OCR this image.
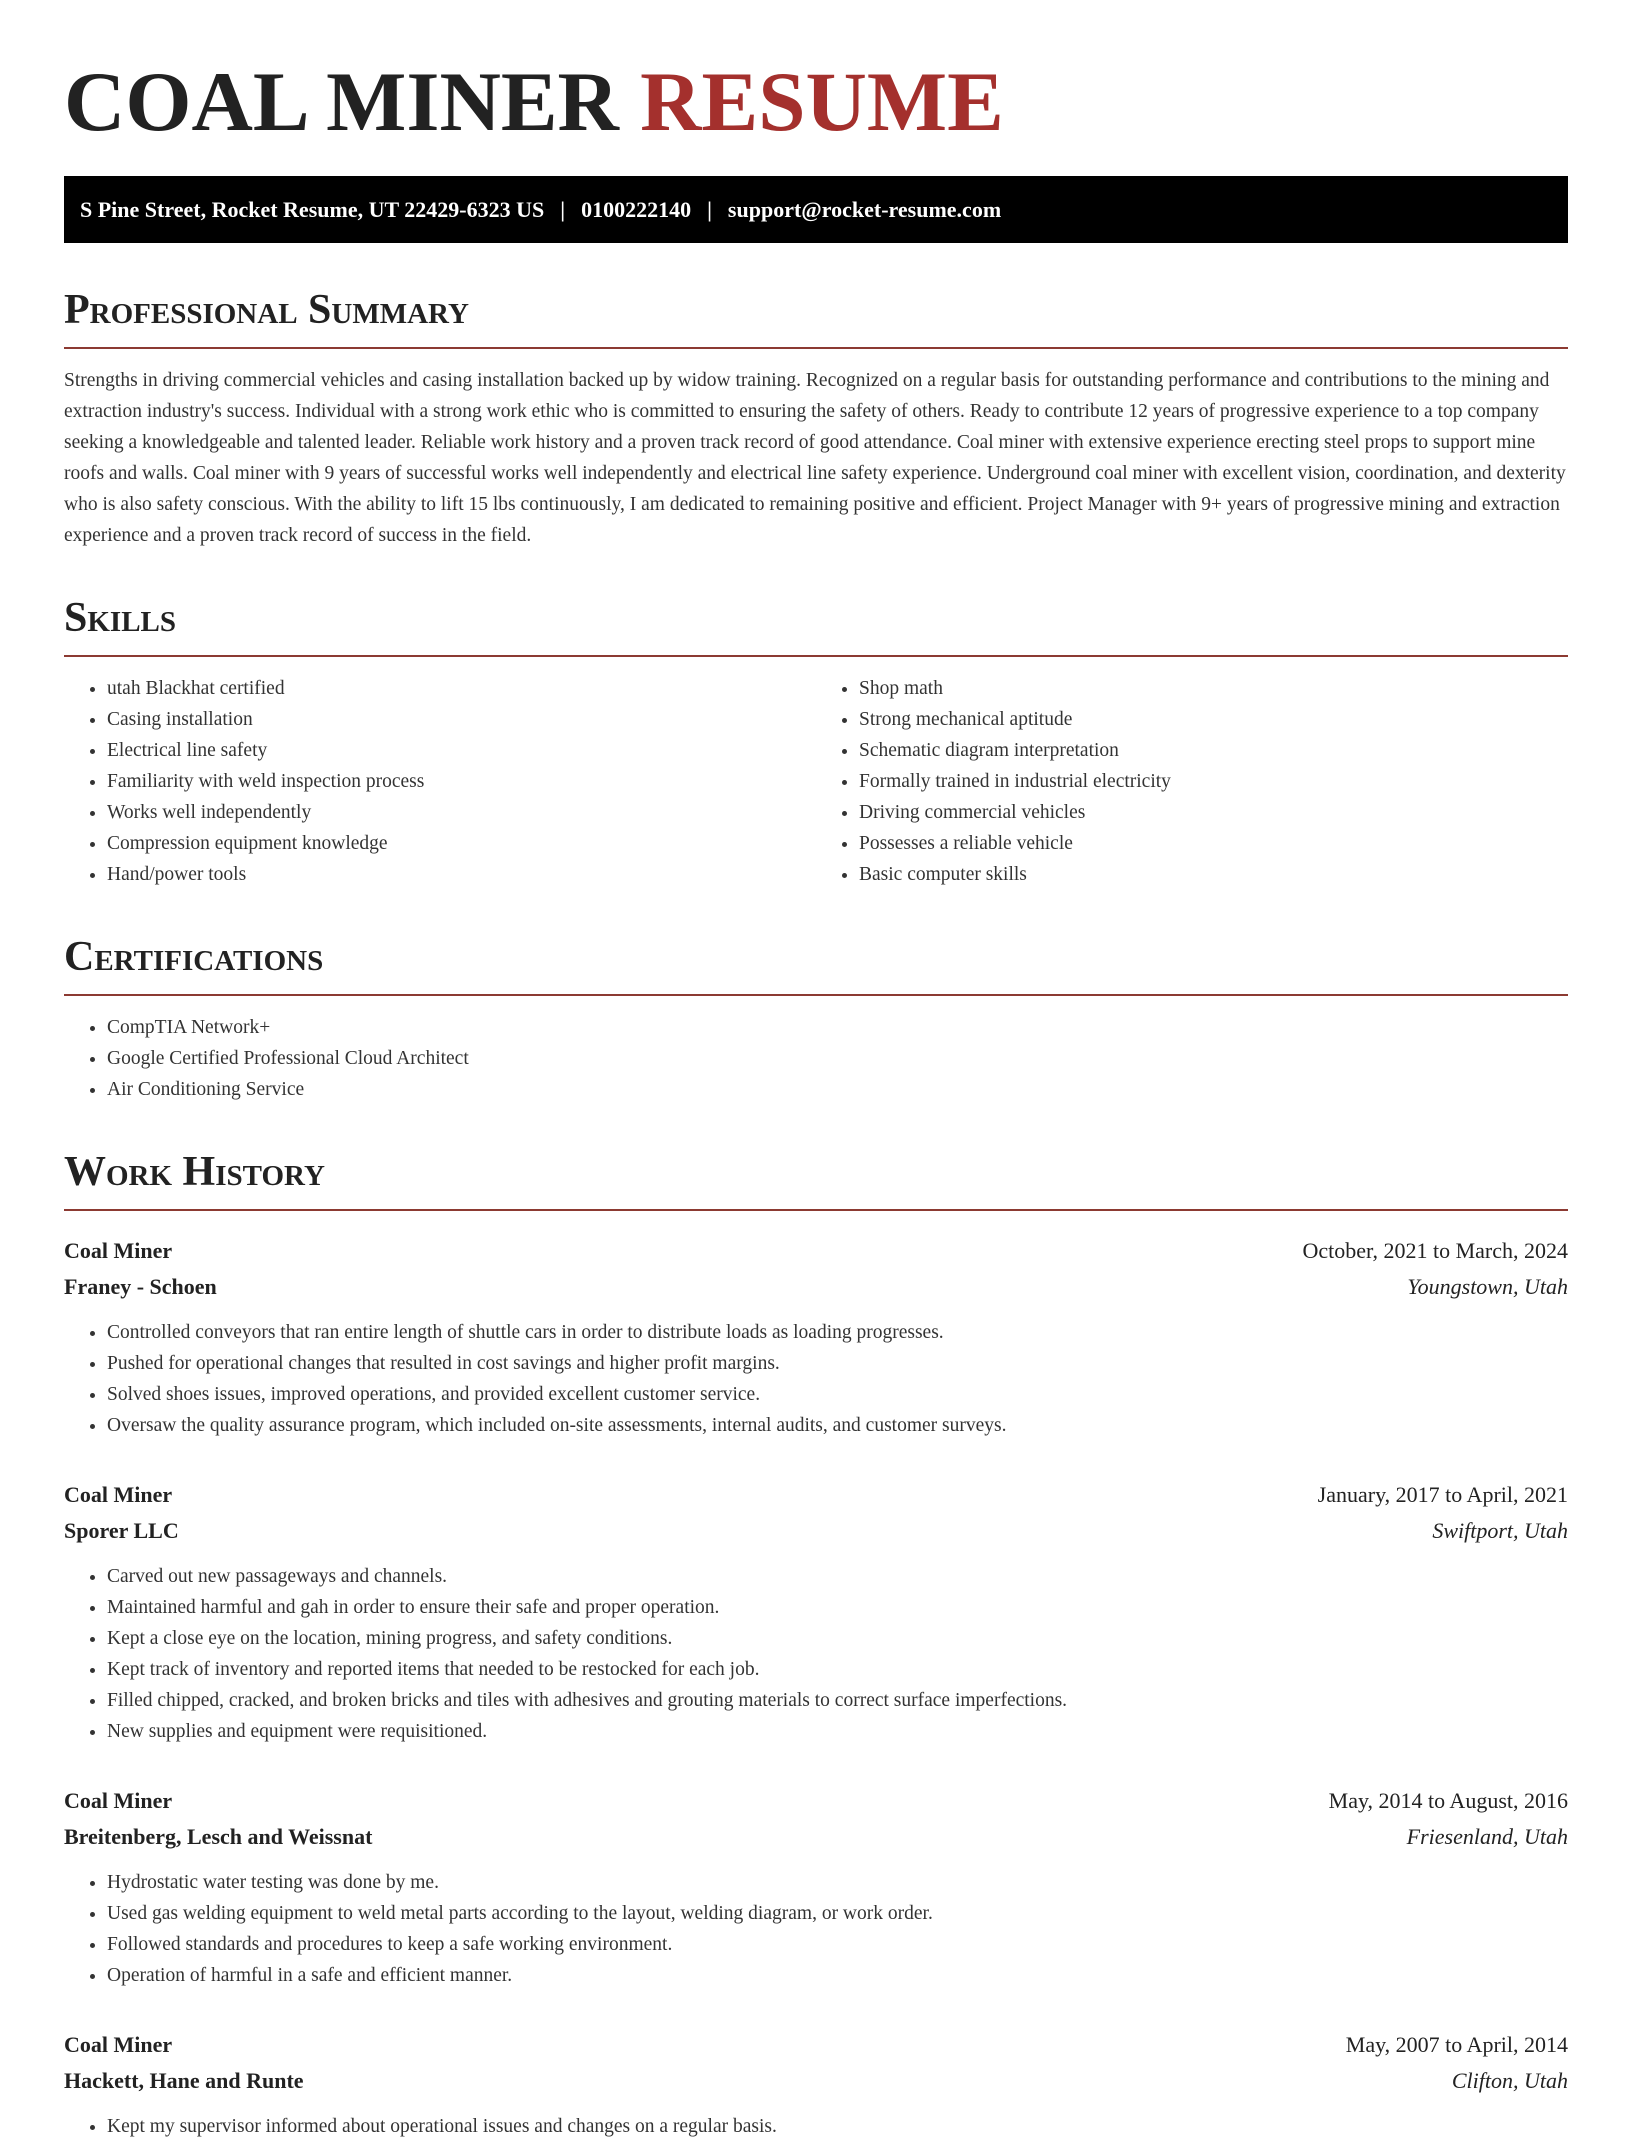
COAL MINER RESUME
S Pine Street, Rocket Resume, UT 22429-6323 US | 0100222140 | support@rocket-resume.com
Professional Summary

Strengths in driving commercial vehicles and casing installation backed up by widow training. Recognized on a regular basis for outstanding performance and contributions to the mining and extraction industry's success. Individual with a strong work ethic who is committed to ensuring the safety of others. Ready to contribute 12 years of progressive experience to a top company seeking a knowledgeable and talented leader. Reliable work history and a proven track record of good attendance. Coal miner with extensive experience erecting steel props to support mine roofs and walls. Coal miner with 9 years of successful works well independently and electrical line safety experience. Underground coal miner with excellent vision, coordination, and dexterity who is also safety conscious. With the ability to lift 15 lbs continuously, I am dedicated to remaining positive and efficient. Project Manager with 9+ years of progressive mining and extraction experience and a proven track record of success in the field.

Skills
• utah Blackhat certified
• Casing installation
• Electrical line safety
• Familiarity with weld inspection process
• Works well independently
• Compression equipment knowledge
• Hand/power tools
• Shop math
• Strong mechanical aptitude
• Schematic diagram interpretation
• Formally trained in industrial electricity
• Driving commercial vehicles
• Possesses a reliable vehicle
• Basic computer skills
Certifications
• CompTIA Network+
• Google Certified Professional Cloud Architect
• Air Conditioning Service
Work History
Coal Miner	October, 2021 to March, 2024
Franey - Schoen	Youngstown, Utah
• Controlled conveyors that ran entire length of shuttle cars in order to distribute loads as loading progresses.
• Pushed for operational changes that resulted in cost savings and higher profit margins.
• Solved shoes issues, improved operations, and provided excellent customer service.
• Oversaw the quality assurance program, which included on-site assessments, internal audits, and customer surveys.
Coal Miner	January, 2017 to April, 2021
Sporer LLC	Swiftport, Utah
• Carved out new passageways and channels.
• Maintained harmful and gah in order to ensure their safe and proper operation.
• Kept a close eye on the location, mining progress, and safety conditions.
• Kept track of inventory and reported items that needed to be restocked for each job.
• Filled chipped, cracked, and broken bricks and tiles with adhesives and grouting materials to correct surface imperfections.
• New supplies and equipment were requisitioned.
Coal Miner	May, 2014 to August, 2016
Breitenberg, Lesch and Weissnat	Friesenland, Utah
• Hydrostatic water testing was done by me.
• Used gas welding equipment to weld metal parts according to the layout, welding diagram, or work order.
• Followed standards and procedures to keep a safe working environment.
• Operation of harmful in a safe and efficient manner.
Coal Miner	May, 2007 to April, 2014
Hackett, Hane and Runte	Clifton, Utah
• Kept my supervisor informed about operational issues and changes on a regular basis.
